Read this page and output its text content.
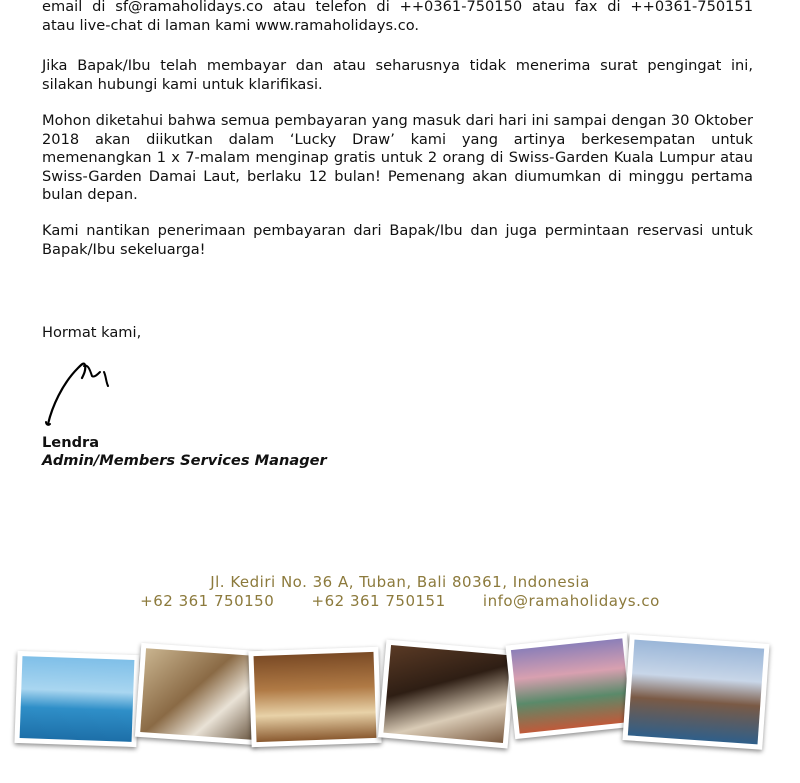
email di sf@ramaholidays.co atau telefon di ++0361-750150 atau fax di ++0361-750151
atau live-chat di laman kami www.ramaholidays.co.

Jika Bapak/Ibu telah membayar dan atau seharusnya tidak menerima surat pengingat ini, silakan hubungi kami untuk klarifikasi.

Mohon diketahui bahwa semua pembayaran yang masuk dari hari ini sampai dengan 30 Oktober 2018 akan diikutkan dalam ‘Lucky Draw’ kami yang artinya berkesempatan untuk memenangkan 1 x 7-malam menginap gratis untuk 2 orang di Swiss-Garden Kuala Lumpur atau Swiss-Garden Damai Laut, berlaku 12 bulan! Pemenang akan diumumkan di minggu pertama bulan depan.

Kami nantikan penerimaan pembayaran dari Bapak/Ibu dan juga permintaan reservasi untuk Bapak/Ibu sekeluarga!

Hormat kami,
Lendra
Admin/Members Services Manager
Jl. Kediri No. 36 A, Tuban, Bali 80361, Indonesia
+62 361 750150 +62 361 750151 info@ramaholidays.co
